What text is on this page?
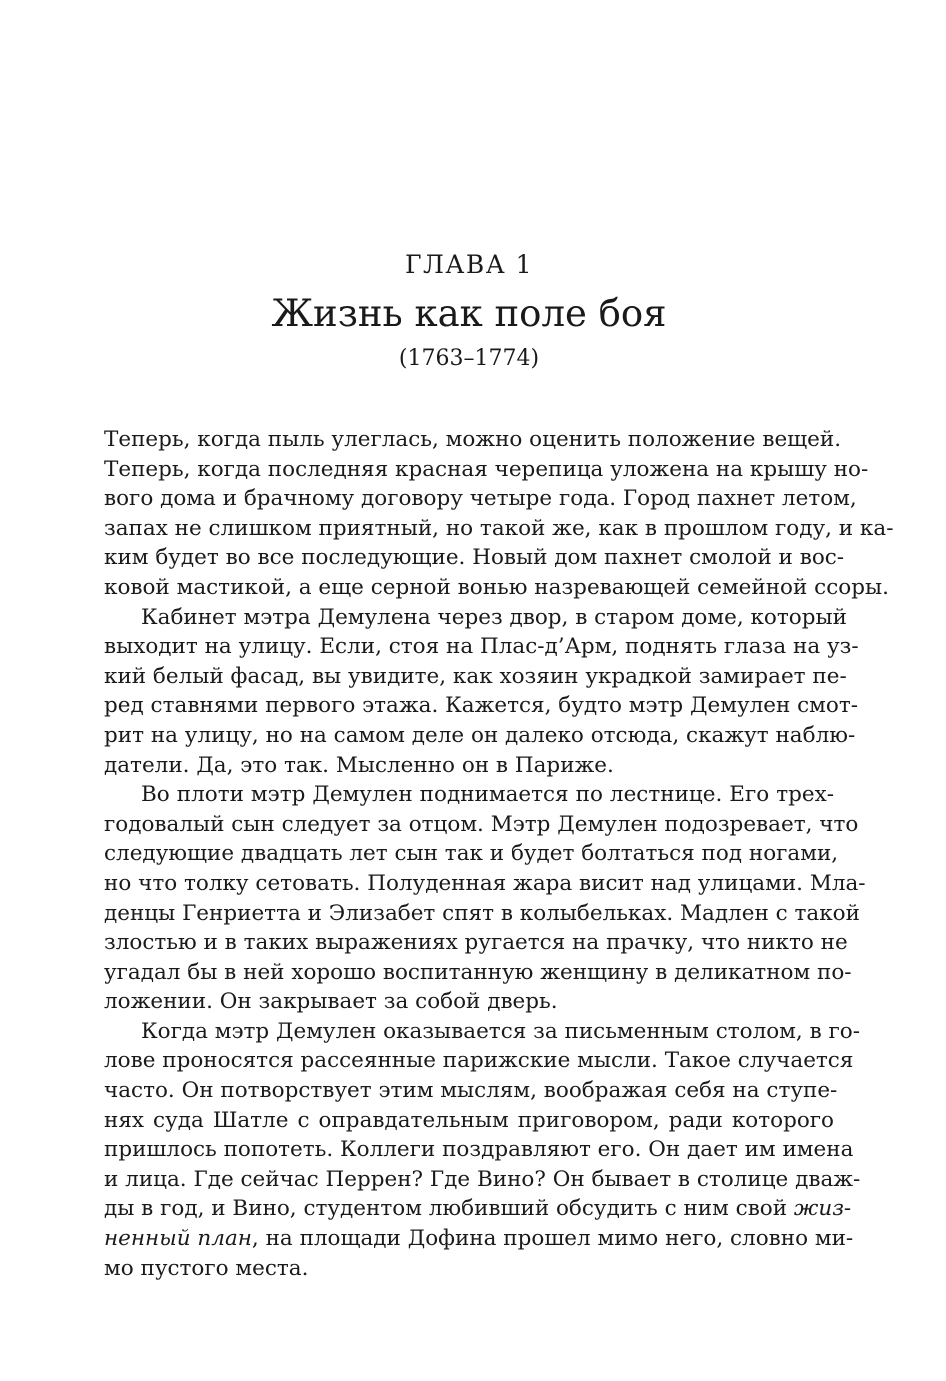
ГЛАВА 1
Жизнь как поле боя
(1763–1774)
Теперь, когда пыль улеглась, можно оценить положение вещей.
Теперь, когда последняя красная черепица уложена на крышу но-
вого дома и брачному договору четыре года. Город пахнет летом,
запах не слишком приятный, но такой же, как в прошлом году, и ка-
ким будет во все последующие. Новый дом пахнет смолой и вос-
ковой мастикой, а еще серной вонью назревающей семейной ссоры.
Кабинет мэтра Демулена через двор, в старом доме, который
выходит на улицу. Если, стоя на Плас-д’Арм, поднять глаза на уз-
кий белый фасад, вы увидите, как хозяин украдкой замирает пе-
ред ставнями первого этажа. Кажется, будто мэтр Демулен смот-
рит на улицу, но на самом деле он далеко отсюда, скажут наблю-
датели. Да, это так. Мысленно он в Париже.
Во плоти мэтр Демулен поднимается по лестнице. Его трех-
годовалый сын следует за отцом. Мэтр Демулен подозревает, что
следующие двадцать лет сын так и будет болтаться под ногами,
но что толку сетовать. Полуденная жара висит над улицами. Мла-
денцы Генриетта и Элизабет спят в колыбельках. Мадлен с такой
злостью и в таких выражениях ругается на прачку, что никто не
угадал бы в ней хорошо воспитанную женщину в деликатном по-
ложении. Он закрывает за собой дверь.
Когда мэтр Демулен оказывается за письменным столом, в го-
лове проносятся рассеянные парижские мысли. Такое случается
часто. Он потворствует этим мыслям, воображая себя на ступе-
нях суда Шатле с оправдательным приговором, ради которого
пришлось попотеть. Коллеги поздравляют его. Он дает им имена
и лица. Где сейчас Перрен? Где Вино? Он бывает в столице дваж-
ды в год, и Вино, студентом любивший обсудить с ним свой жиз-
ненный план, на площади Дофина прошел мимо него, словно ми-
мо пустого места.
